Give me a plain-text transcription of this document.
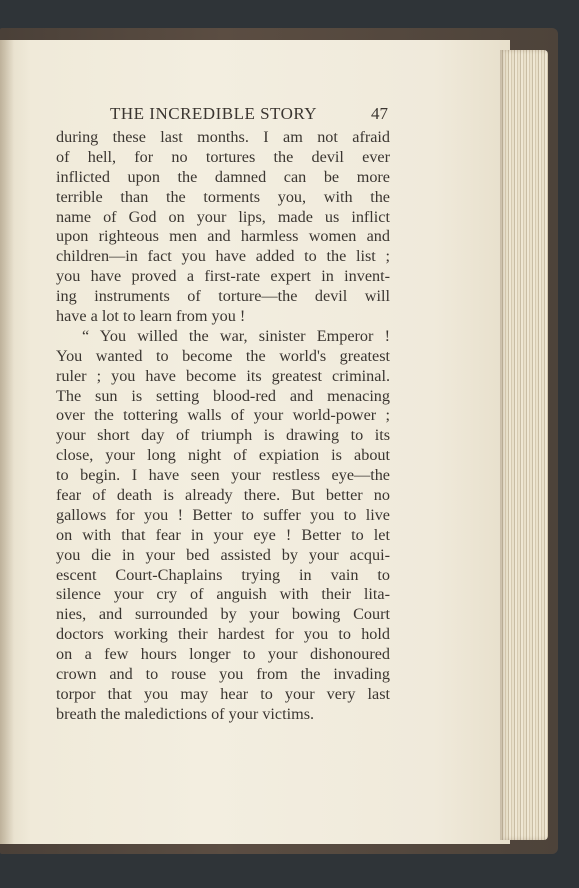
THE INCREDIBLE STORY	47
during these last months. I am not afraid
of hell, for no tortures the devil ever
inflicted upon the damned can be more
terrible than the torments you, with the
name of God on your lips, made us inflict
upon righteous men and harmless women and
children—in fact you have added to the list ;
you have proved a first-rate expert in invent-
ing instruments of torture—the devil will
have a lot to learn from you !
“ You willed the war, sinister Emperor !
You wanted to become the world's greatest
ruler ; you have become its greatest criminal.
The sun is setting blood-red and menacing
over the tottering walls of your world-power ;
your short day of triumph is drawing to its
close, your long night of expiation is about
to begin. I have seen your restless eye—the
fear of death is already there. But better no
gallows for you ! Better to suffer you to live
on with that fear in your eye ! Better to let
you die in your bed assisted by your acqui-
escent Court-Chaplains trying in vain to
silence your cry of anguish with their lita-
nies, and surrounded by your bowing Court
doctors working their hardest for you to hold
on a few hours longer to your dishonoured
crown and to rouse you from the invading
torpor that you may hear to your very last
breath the maledictions of your victims.
